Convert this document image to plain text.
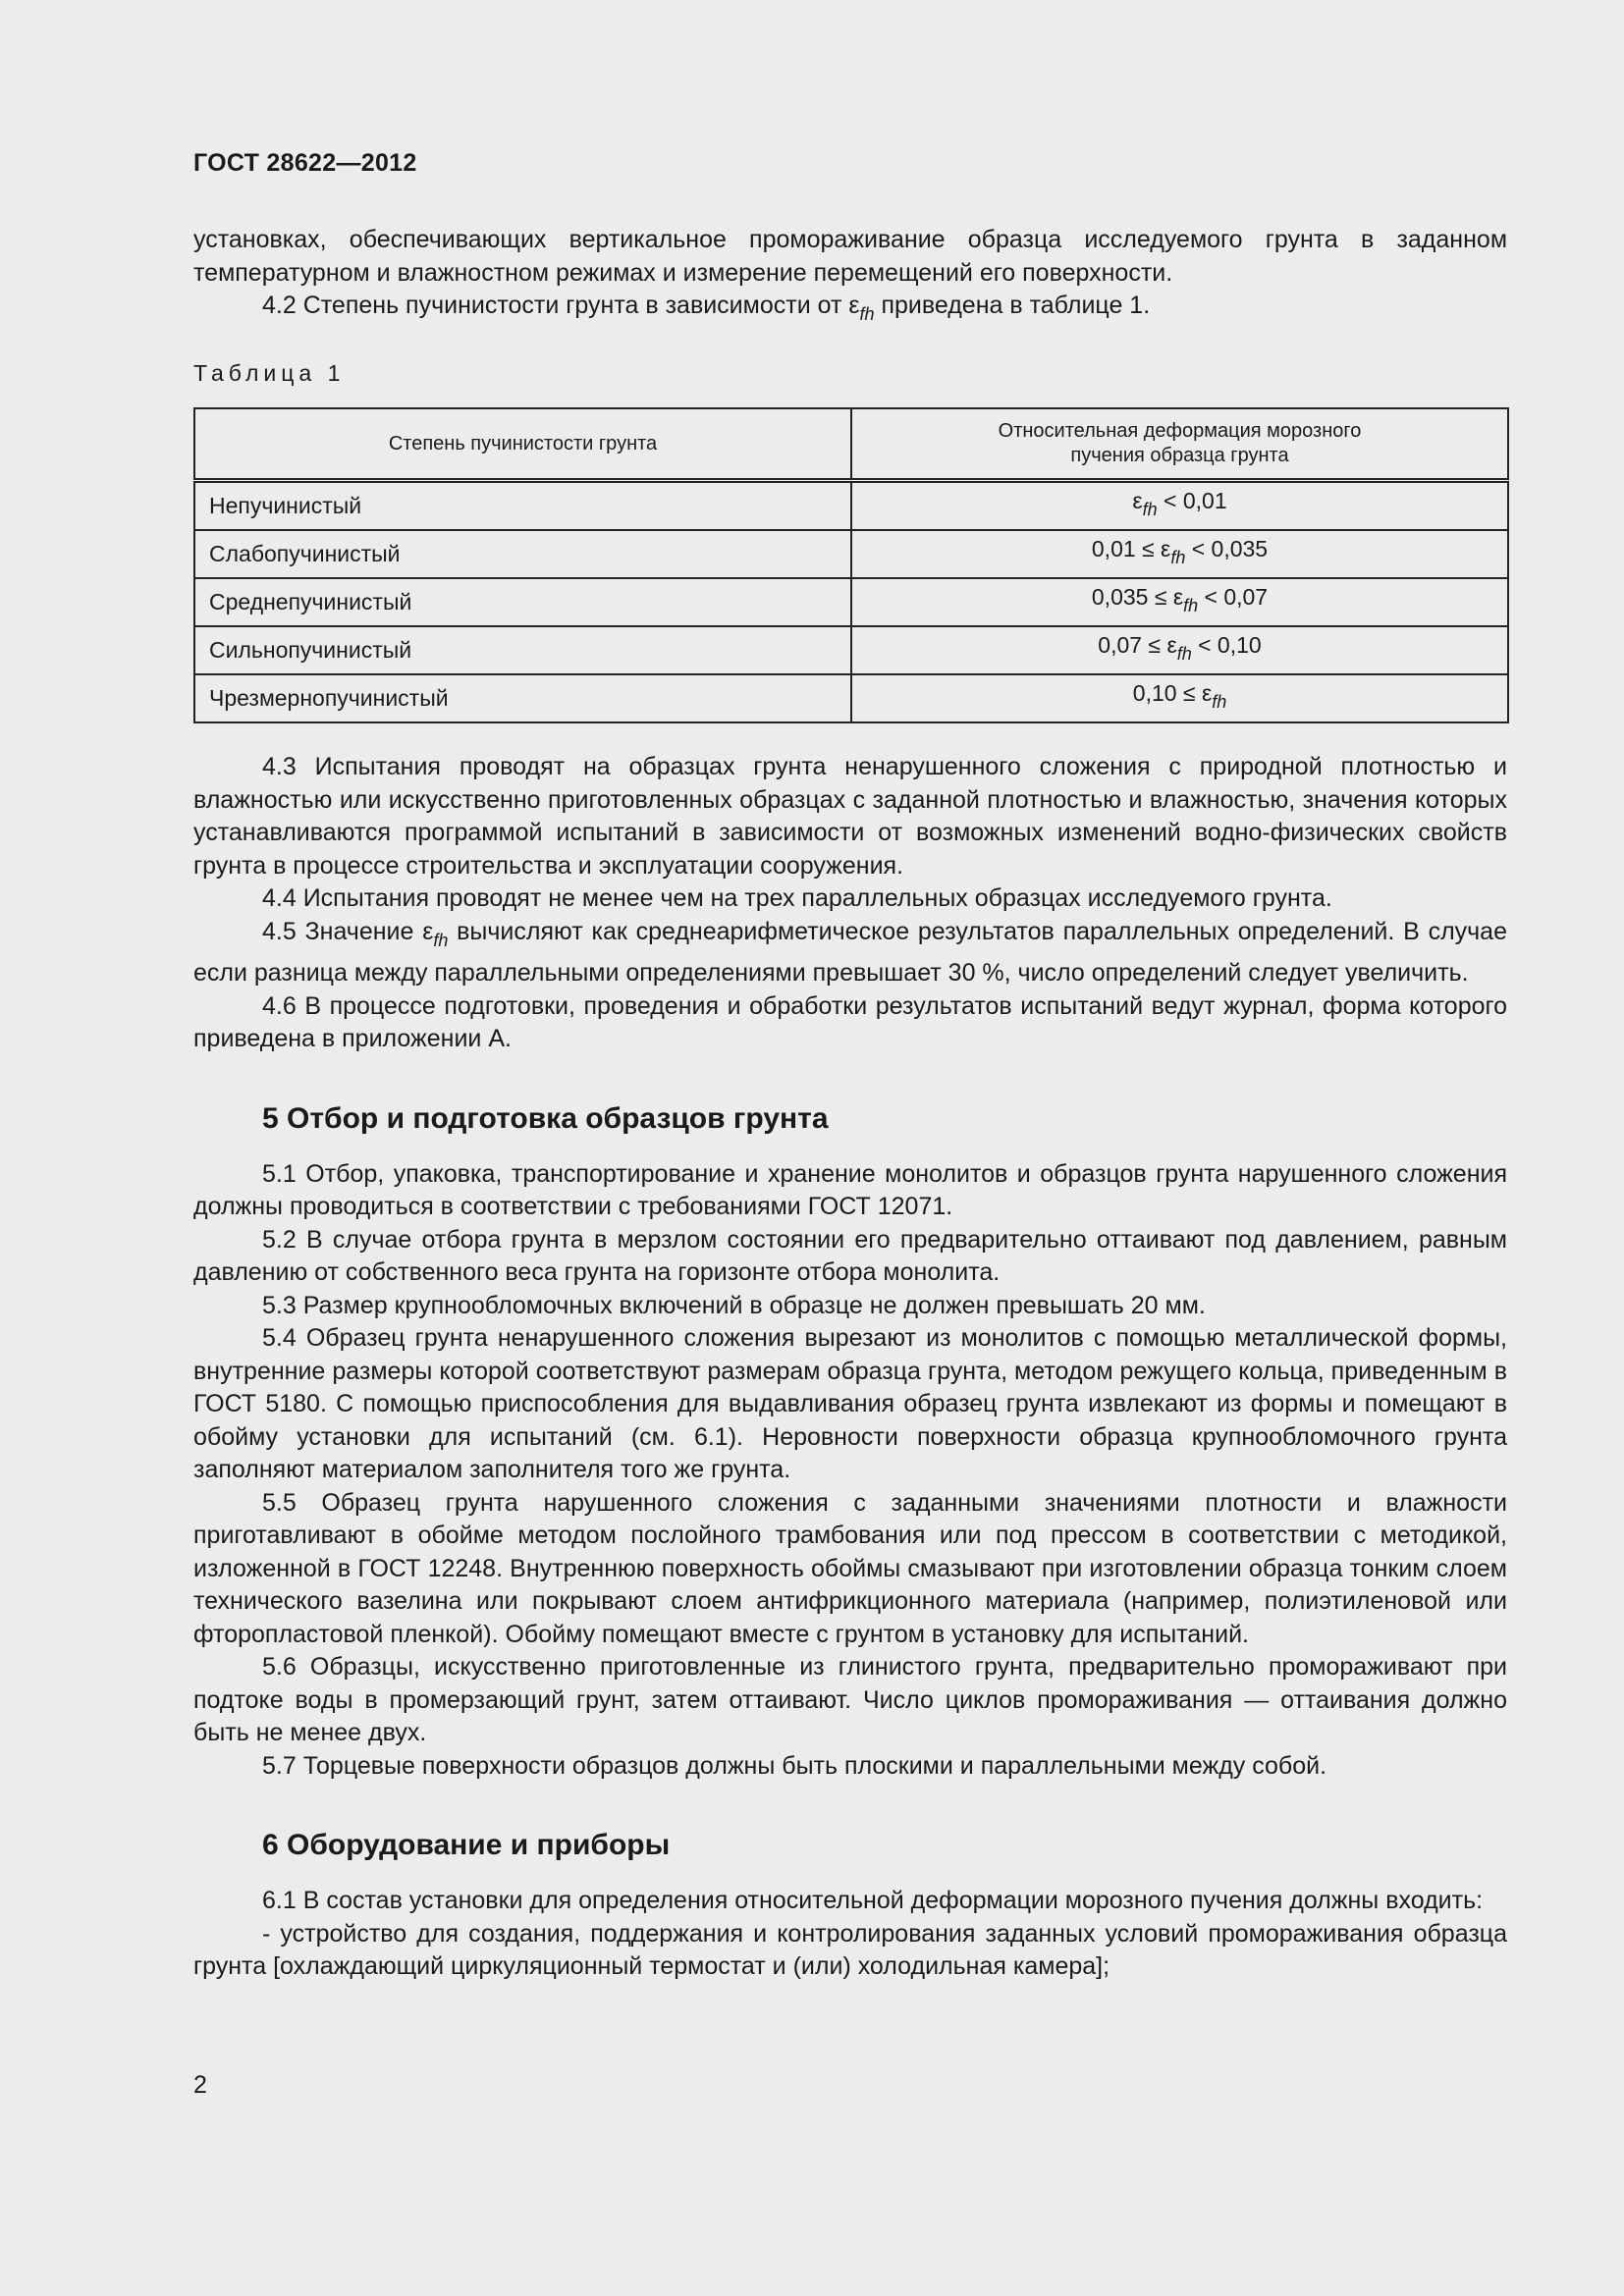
ГОСТ 28622—2012

установках, обеспечивающих вертикальное промораживание образца исследуемого грунта в заданном температурном и влажностном режимах и измерение перемещений его поверхности.

4.2 Степень пучинистости грунта в зависимости от $\varepsilon_{fh}$ приведена в таблице 1.

Таблица 1
Степень пучинистости грунта	Относительная деформация морозного пучения образца грунта
Непучинистый	$\varepsilon_{fh} < 0,01$
Слабопучинистый	$0,01 \le \varepsilon_{fh} < 0,035$
Среднепучинистый	$0,035 \le \varepsilon_{fh} < 0,07$
Сильнопучинистый	$0,07 \le \varepsilon_{fh} < 0,10$
Чрезмернопучинистый	$0,10 \le \varepsilon_{fh}$

4.3 Испытания проводят на образцах грунта ненарушенного сложения с природной плотностью и влажностью или искусственно приготовленных образцах с заданной плотностью и влажностью, значения которых устанавливаются программой испытаний в зависимости от возможных изменений водно-физических свойств грунта в процессе строительства и эксплуатации сооружения.

4.4 Испытания проводят не менее чем на трех параллельных образцах исследуемого грунта.

4.5 Значение $\varepsilon_{fh}$ вычисляют как среднеарифметическое результатов параллельных определений. В случае если разница между параллельными определениями превышает 30 %, число определений следует увеличить.

4.6 В процессе подготовки, проведения и обработки результатов испытаний ведут журнал, форма которого приведена в приложении А.

5 Отбор и подготовка образцов грунта

5.1 Отбор, упаковка, транспортирование и хранение монолитов и образцов грунта нарушенного сложения должны проводиться в соответствии с требованиями ГОСТ 12071.

5.2 В случае отбора грунта в мерзлом состоянии его предварительно оттаивают под давлением, равным давлению от собственного веса грунта на горизонте отбора монолита.

5.3 Размер крупнообломочных включений в образце не должен превышать 20 мм.

5.4 Образец грунта ненарушенного сложения вырезают из монолитов с помощью металлической формы, внутренние размеры которой соответствуют размерам образца грунта, методом режущего кольца, приведенным в ГОСТ 5180. С помощью приспособления для выдавливания образец грунта извлекают из формы и помещают в обойму установки для испытаний (см. 6.1). Неровности поверхности образца крупнообломочного грунта заполняют материалом заполнителя того же грунта.

5.5 Образец грунта нарушенного сложения с заданными значениями плотности и влажности приготавливают в обойме методом послойного трамбования или под прессом в соответствии с методикой, изложенной в ГОСТ 12248. Внутреннюю поверхность обоймы смазывают при изготовлении образца тонким слоем технического вазелина или покрывают слоем антифрикционного материала (например, полиэтиленовой или фторопластовой пленкой). Обойму помещают вместе с грунтом в установку для испытаний.

5.6 Образцы, искусственно приготовленные из глинистого грунта, предварительно промораживают при подтоке воды в промерзающий грунт, затем оттаивают. Число циклов промораживания — оттаивания должно быть не менее двух.

5.7 Торцевые поверхности образцов должны быть плоскими и параллельными между собой.

6 Оборудование и приборы

6.1 В состав установки для определения относительной деформации морозного пучения должны входить:

- устройство для создания, поддержания и контролирования заданных условий промораживания образца грунта [охлаждающий циркуляционный термостат и (или) холодильная камера];

2
